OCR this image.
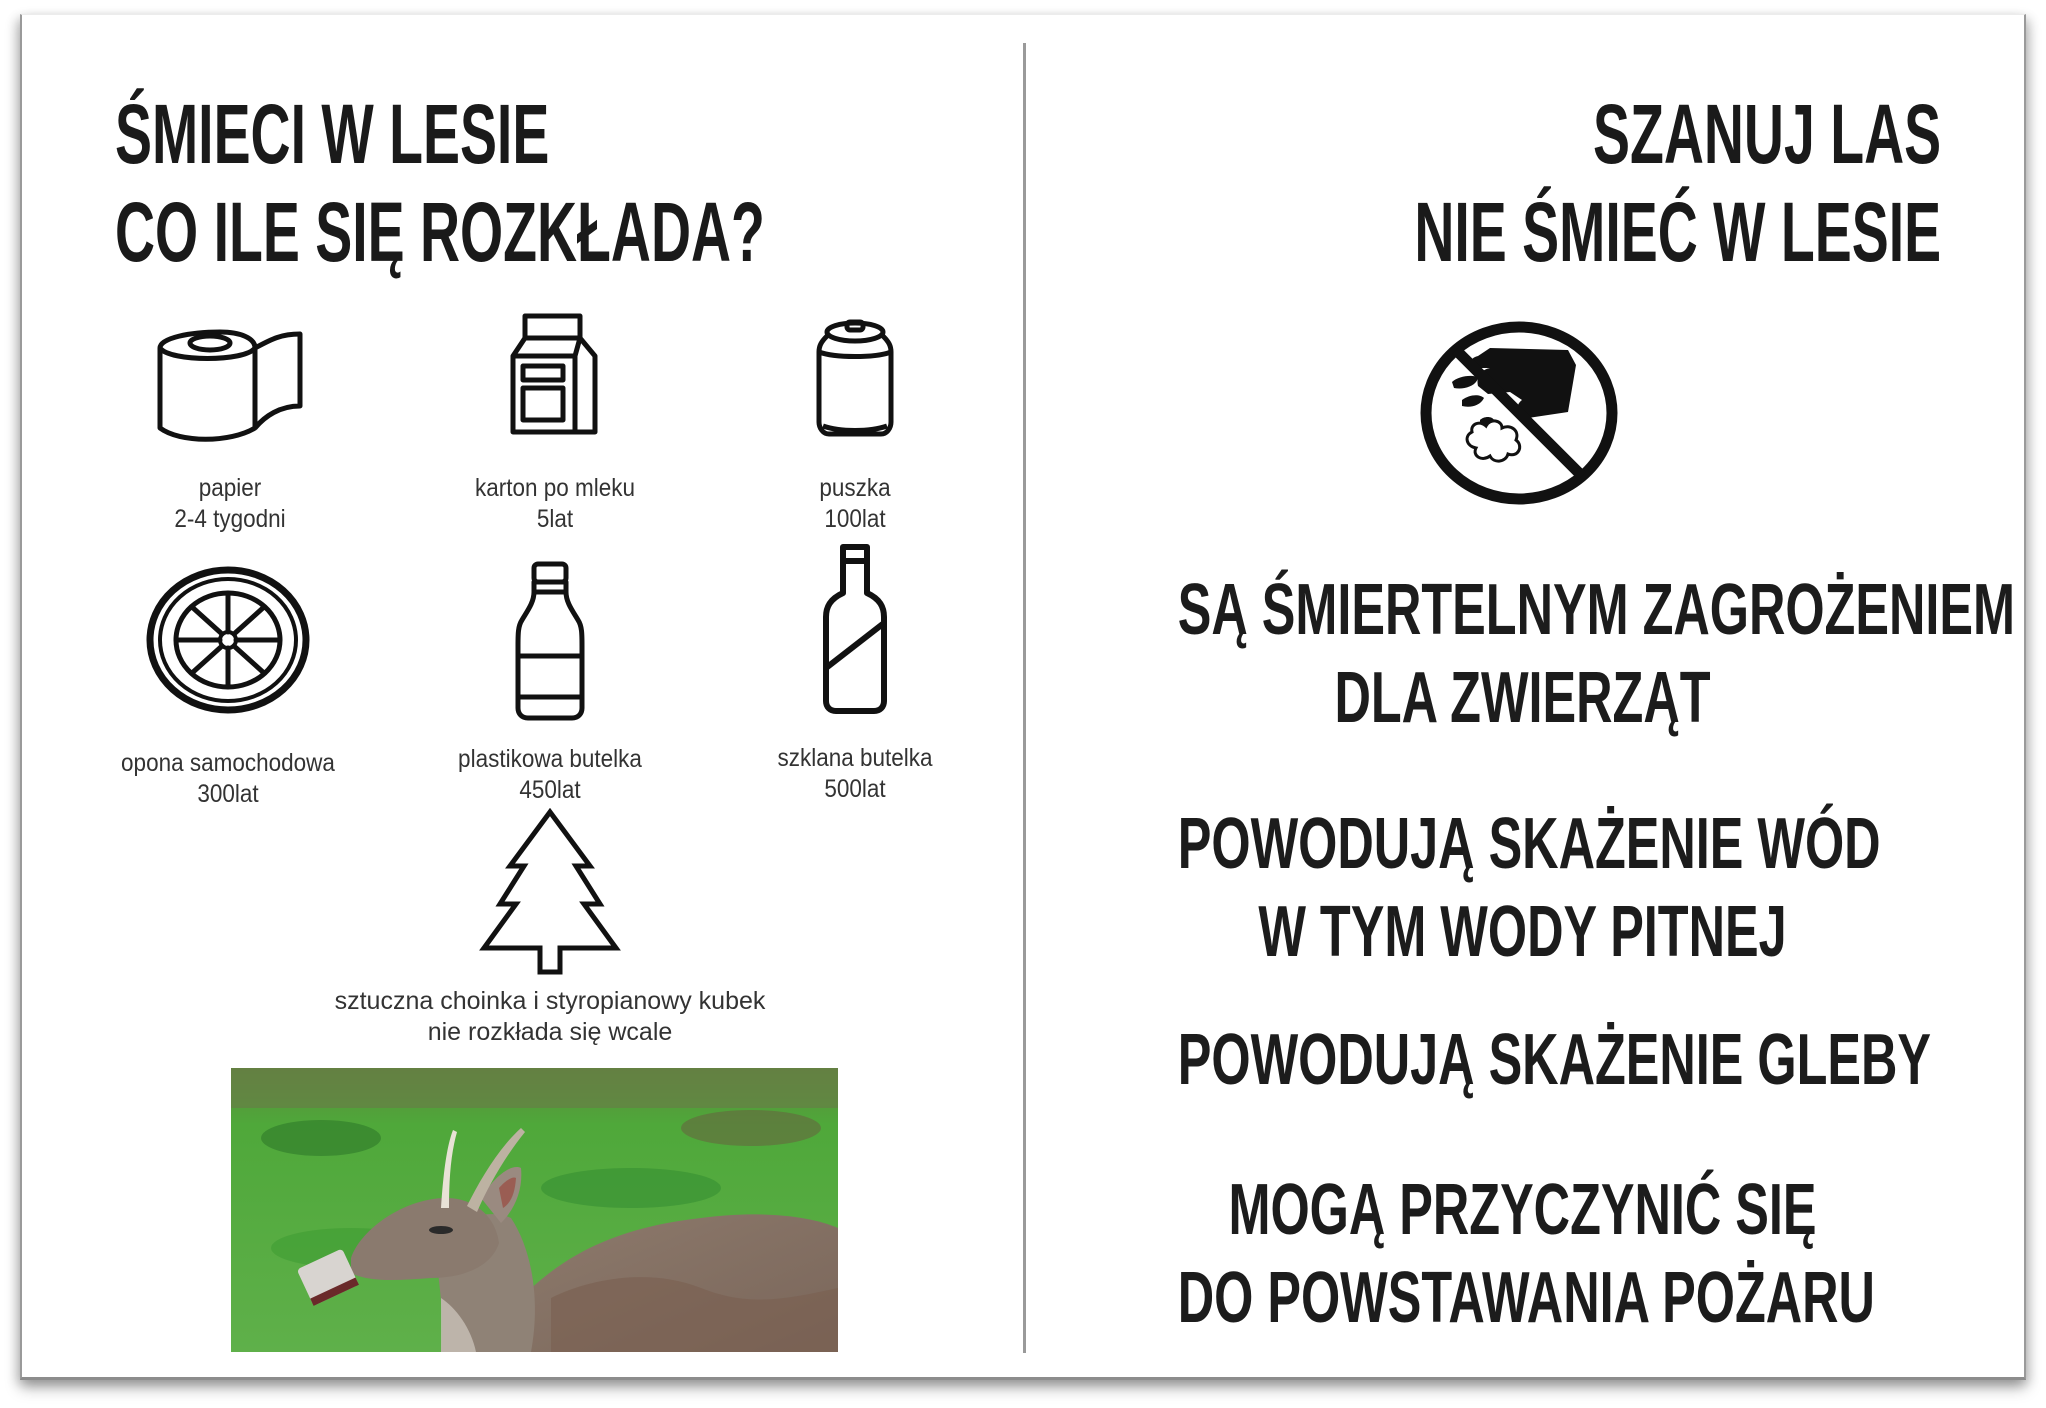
ŚMIECI W LESIE
CO ILE SIĘ ROZKŁADA?
papier
2-4 tygodni
karton po mleku
5lat
puszka
100lat
opona samochodowa
300lat
plastikowa butelka
450lat
szklana butelka
500lat
sztuczna choinka i styropianowy kubek
nie rozkłada się wcale
SZANUJ LAS
NIE ŚMIEĆ W LESIE
SĄ ŚMIERTELNYM ZAGROŻENIEM
DLA ZWIERZĄT
POWODUJĄ SKAŻENIE WÓD
W TYM WODY PITNEJ
POWODUJĄ SKAŻENIE GLEBY
MOGĄ PRZYCZYNIĆ SIĘ
DO POWSTAWANIA POŻARU
